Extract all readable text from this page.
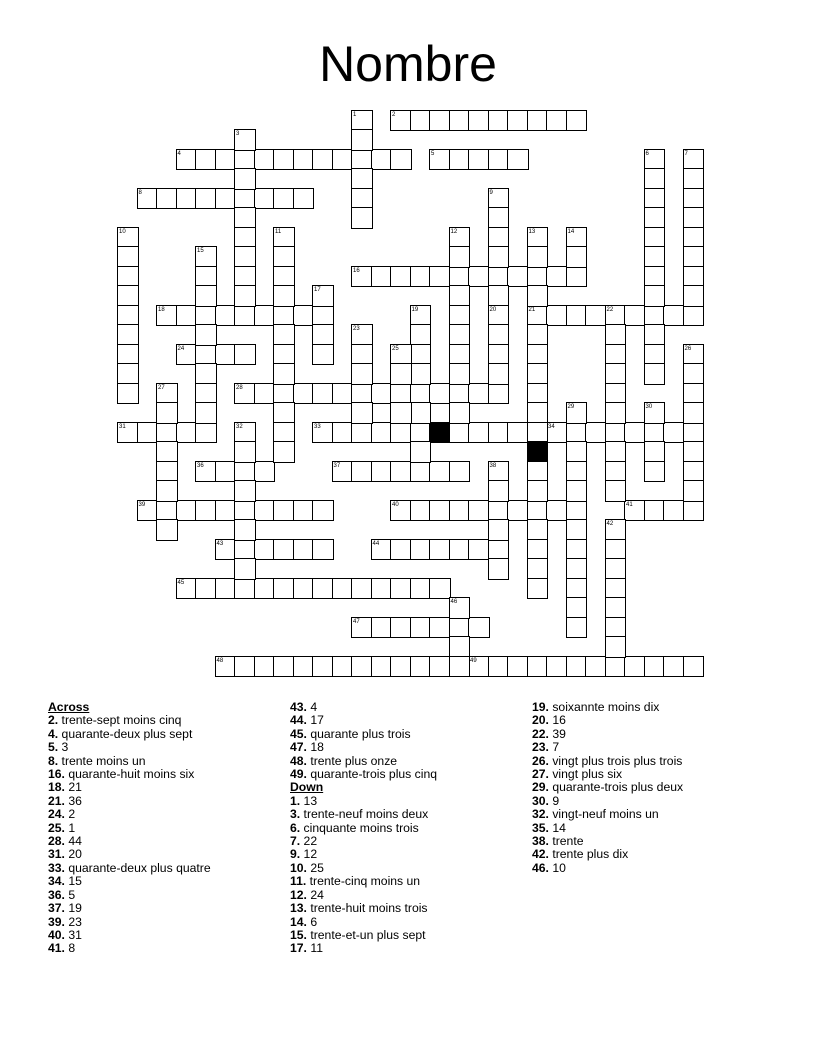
Nombre
2
4	5
8
16
18	21	22
24
28
31	33	34
36	37
39	40	41
43	44
45
47
48	49
1
3
6	7
9
20
10	11	12	13	14
15
17
19
23
25	26
27
29	30
32
35
38
42
46
Across
2. trente-sept moins cinq
4. quarante-deux plus sept
5. 3
8. trente moins un
16. quarante-huit moins six
18. 21
21. 36
24. 2
25. 1
28. 44
31. 20
33. quarante-deux plus quatre
34. 15
36. 5
37. 19
39. 23
40. 31
41. 8
43. 4
44. 17
45. quarante plus trois
47. 18
48. trente plus onze
49. quarante-trois plus cinq
Down
1. 13
3. trente-neuf moins deux
6. cinquante moins trois
7. 22
9. 12
10. 25
11. trente-cinq moins un
12. 24
13. trente-huit moins trois
14. 6
15. trente-et-un plus sept
17. 11
19. soixannte moins dix
20. 16
22. 39
23. 7
26. vingt plus trois plus trois
27. vingt plus six
29. quarante-trois plus deux
30. 9
32. vingt-neuf moins un
35. 14
38. trente
42. trente plus dix
46. 10
